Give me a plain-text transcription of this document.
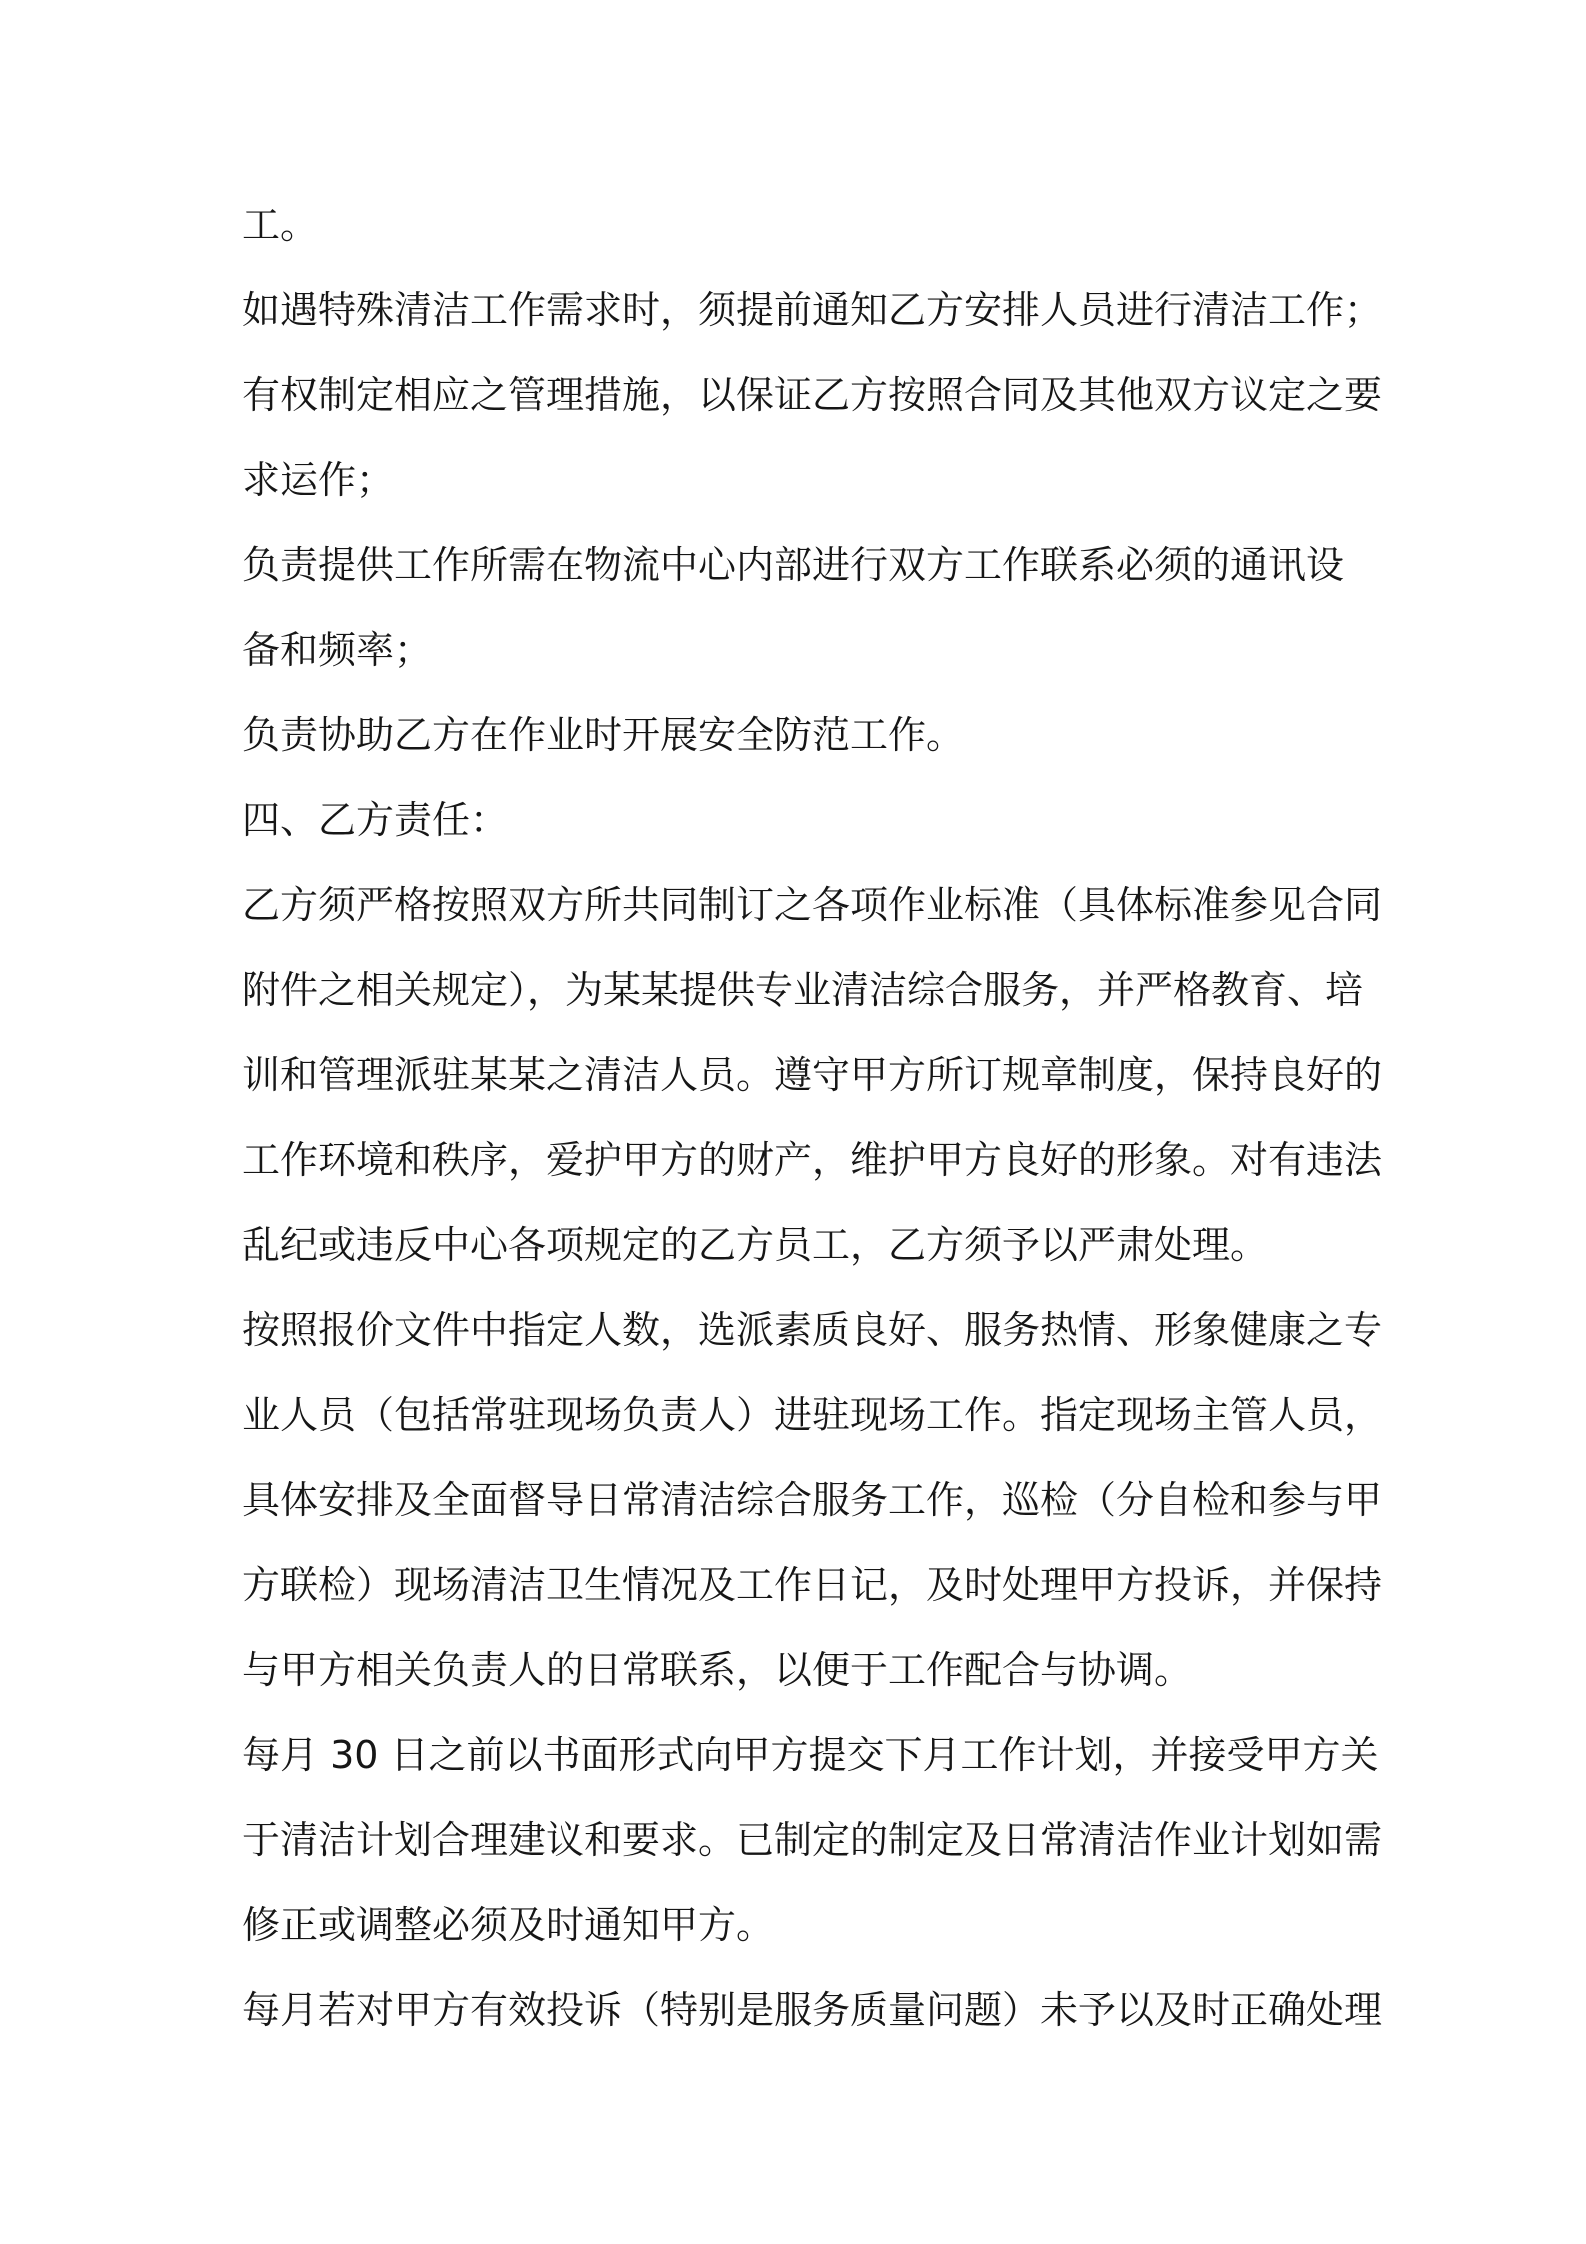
工。
如遇特殊清洁工作需求时，须提前通知乙方安排人员进行清洁工作；
有权制定相应之管理措施，以保证乙方按照合同及其他双方议定之要
求运作；
负责提供工作所需在物流中心内部进行双方工作联系必须的通讯设
备和频率；
负责协助乙方在作业时开展安全防范工作。
四、乙方责任：
乙方须严格按照双方所共同制订之各项作业标准（具体标准参见合同
附件之相关规定），为某某提供专业清洁综合服务，并严格教育、培
训和管理派驻某某之清洁人员。遵守甲方所订规章制度，保持良好的
工作环境和秩序，爱护甲方的财产，维护甲方良好的形象。对有违法
乱纪或违反中心各项规定的乙方员工，乙方须予以严肃处理。
按照报价文件中指定人数，选派素质良好、服务热情、形象健康之专
业人员（包括常驻现场负责人）进驻现场工作。指定现场主管人员，
具体安排及全面督导日常清洁综合服务工作，巡检（分自检和参与甲
方联检）现场清洁卫生情况及工作日记，及时处理甲方投诉，并保持
与甲方相关负责人的日常联系，以便于工作配合与协调。
每月 30 日之前以书面形式向甲方提交下月工作计划，并接受甲方关
于清洁计划合理建议和要求。已制定的制定及日常清洁作业计划如需
修正或调整必须及时通知甲方。
每月若对甲方有效投诉（特别是服务质量问题）未予以及时正确处理
